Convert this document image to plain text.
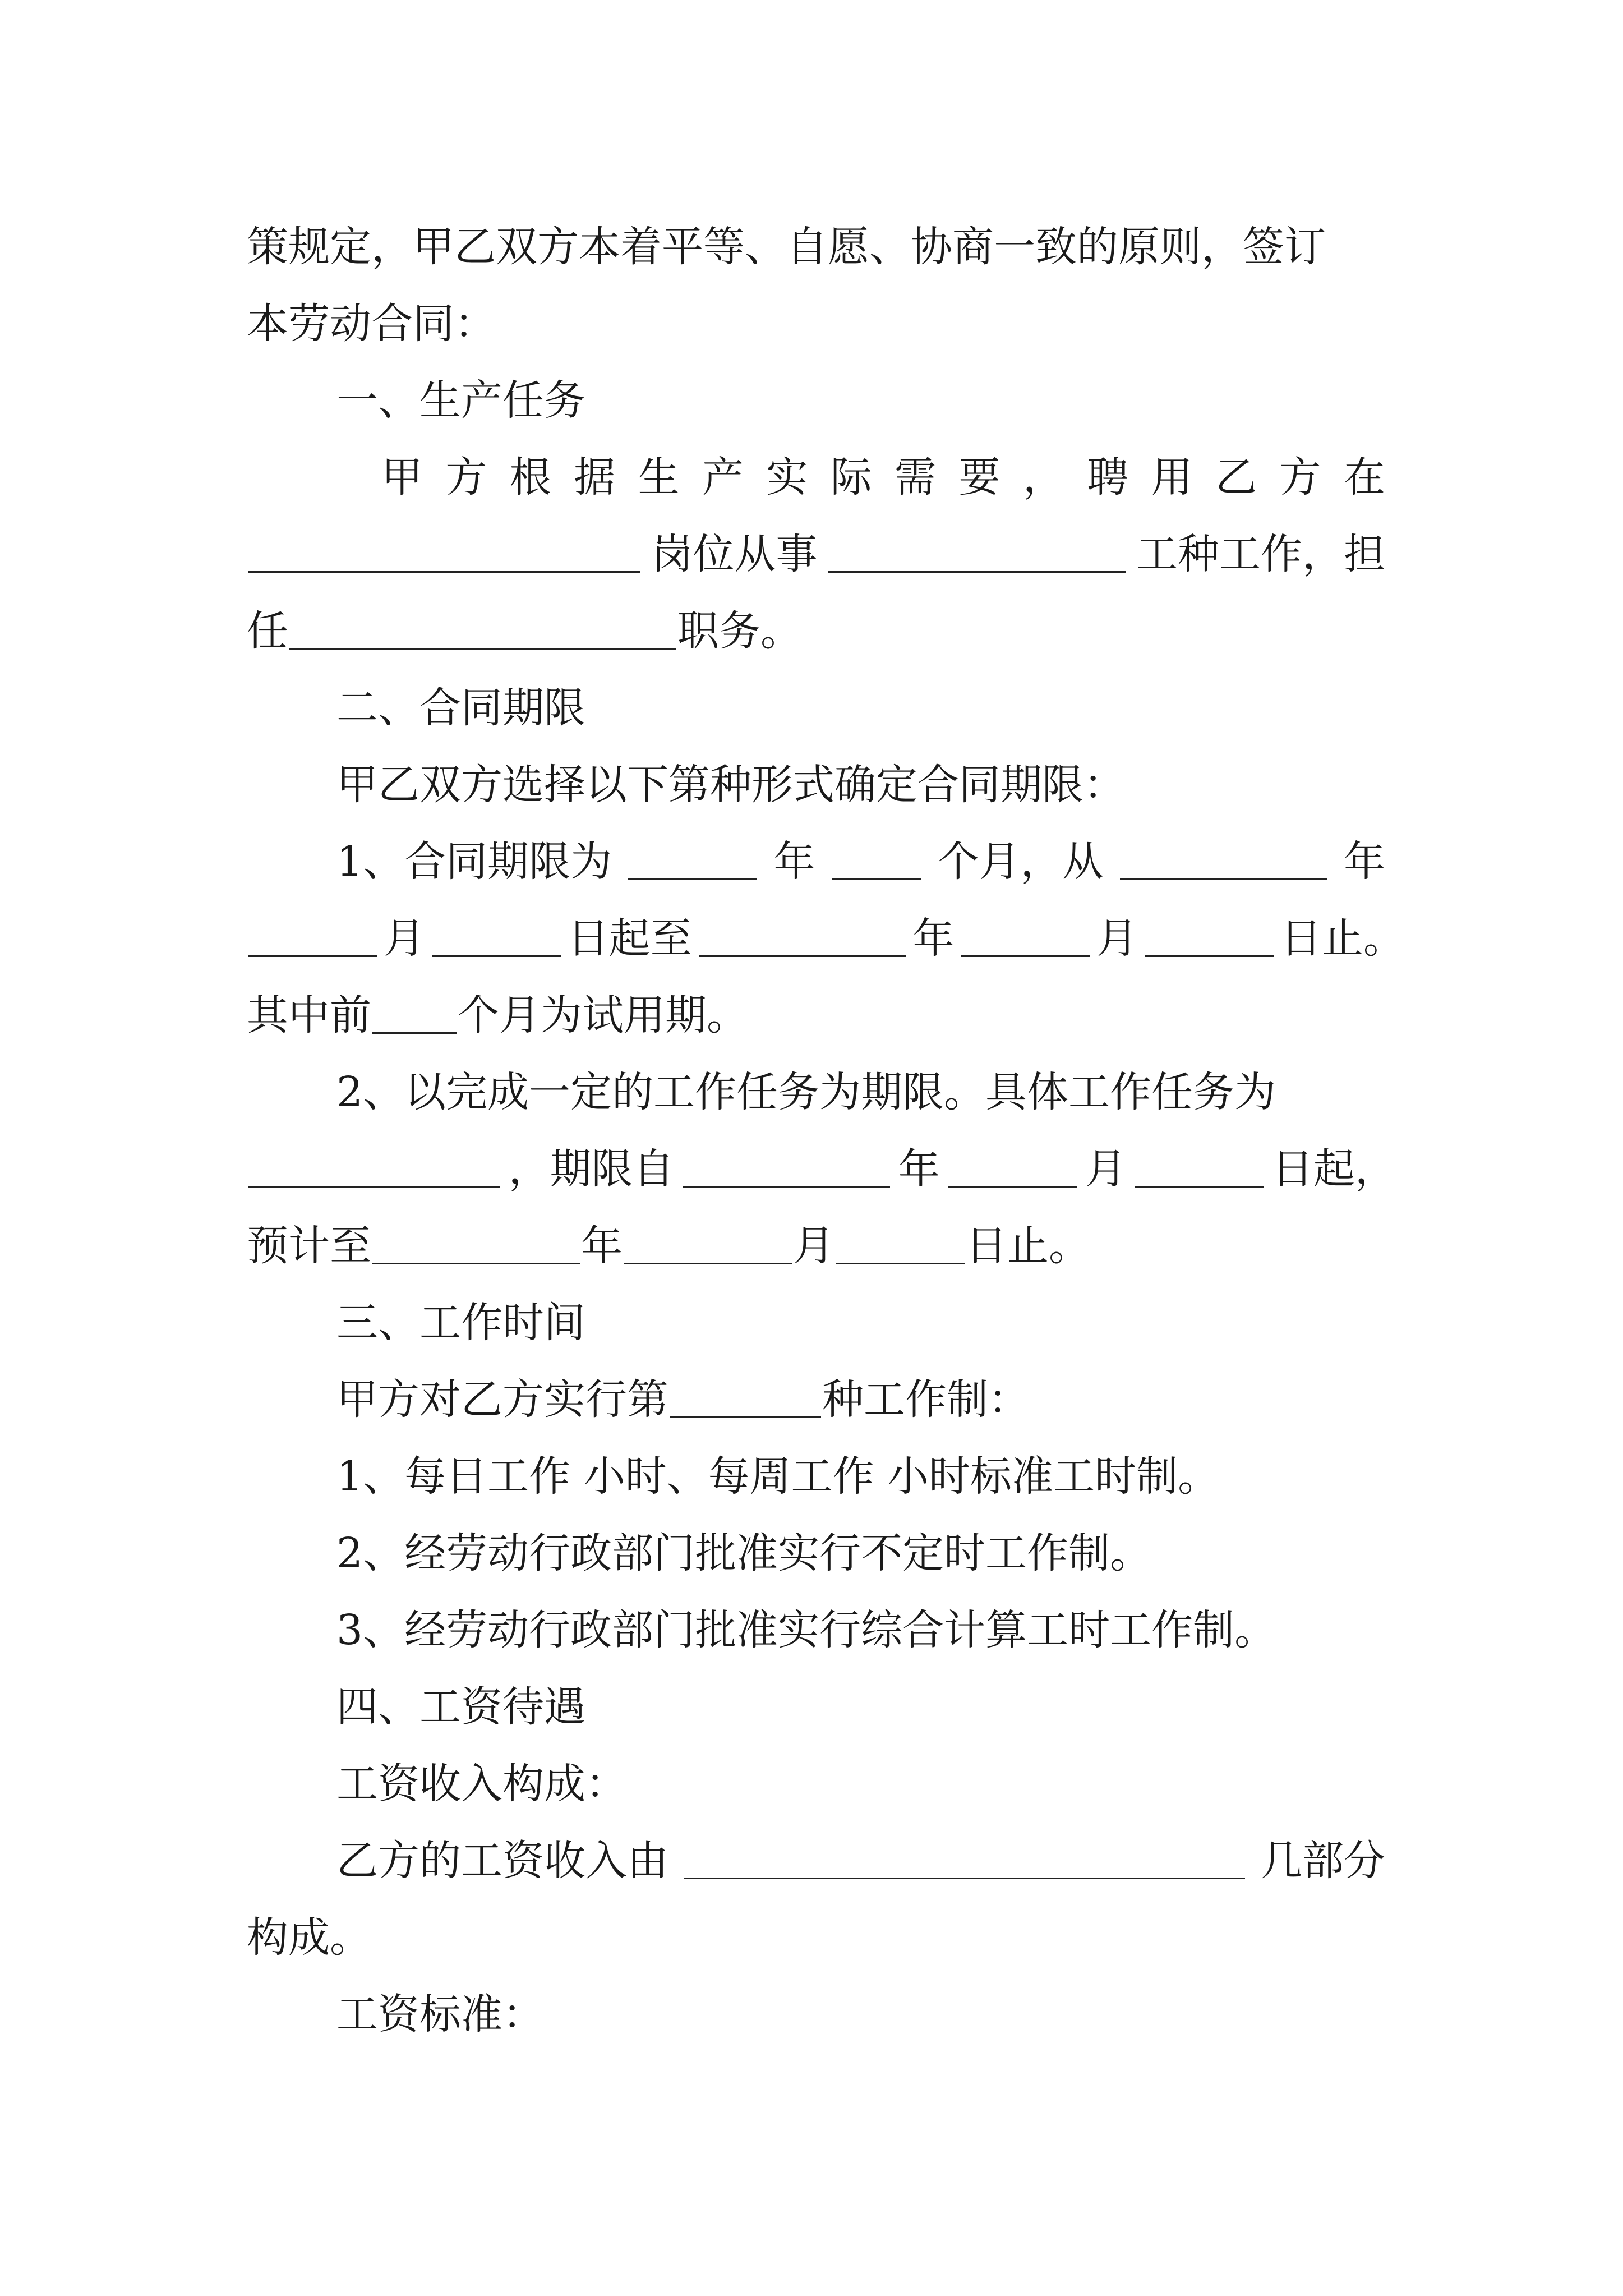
策规定，甲乙双方本着平等、自愿、协商一致的原则，签订
本劳动合同：
一、生产任务
甲 方 根 据 生 产 实 际 需 要 ， 聘 用 乙 方 在
岗位从事	工种工作，担
任	职务。
二、合同期限
甲乙双方选择以下第种形式确定合同期限：
1、合同期限为	年	个月，从	年
月	日起至	年	月	日止。
其中前 个月为试用期。
2、以完成一定的工作任务为期限。具体工作任务为
，期限自	年	月	日起，
预计至	年	月	日止。
三、工作时间
甲方对乙方实行第	种工作制：
1、每日工作 小时、每周工作 小时标准工时制。
2、经劳动行政部门批准实行不定时工作制。
3、经劳动行政部门批准实行综合计算工时工作制。
四、工资待遇
工资收入构成：
乙方的工资收入由	几部分
构成。
工资标准：
